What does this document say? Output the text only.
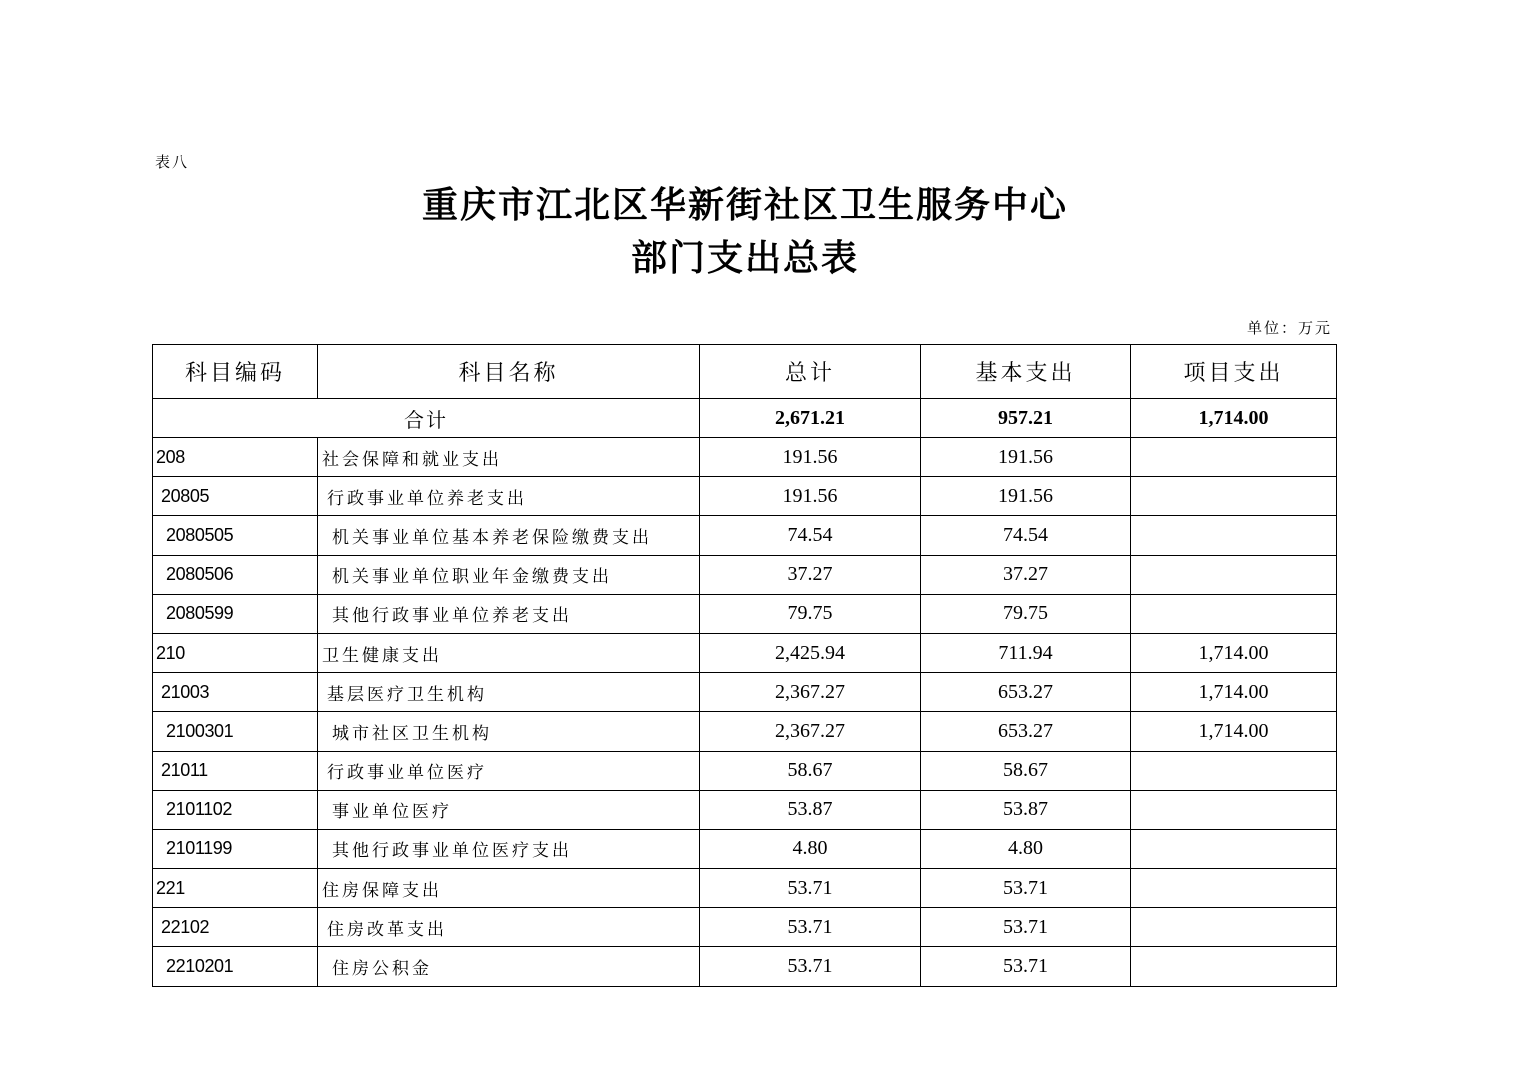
表八
重庆市江北区华新街社区卫生服务中心
部门支出总表
单位：万元
科目编码	科目名称	总计	基本支出	项目支出
合计		2,671.21	957.21	1,714.00
208	社会保障和就业支出	191.56	191.56	
20805	行政事业单位养老支出	191.56	191.56	
2080505	机关事业单位基本养老保险缴费支出	74.54	74.54	
2080506	机关事业单位职业年金缴费支出	37.27	37.27	
2080599	其他行政事业单位养老支出	79.75	79.75	
210	卫生健康支出	2,425.94	711.94	1,714.00
21003	基层医疗卫生机构	2,367.27	653.27	1,714.00
2100301	城市社区卫生机构	2,367.27	653.27	1,714.00
21011	行政事业单位医疗	58.67	58.67	
2101102	事业单位医疗	53.87	53.87	
2101199	其他行政事业单位医疗支出	4.80	4.80	
221	住房保障支出	53.71	53.71	
22102	住房改革支出	53.71	53.71	
2210201	住房公积金	53.71	53.71	
